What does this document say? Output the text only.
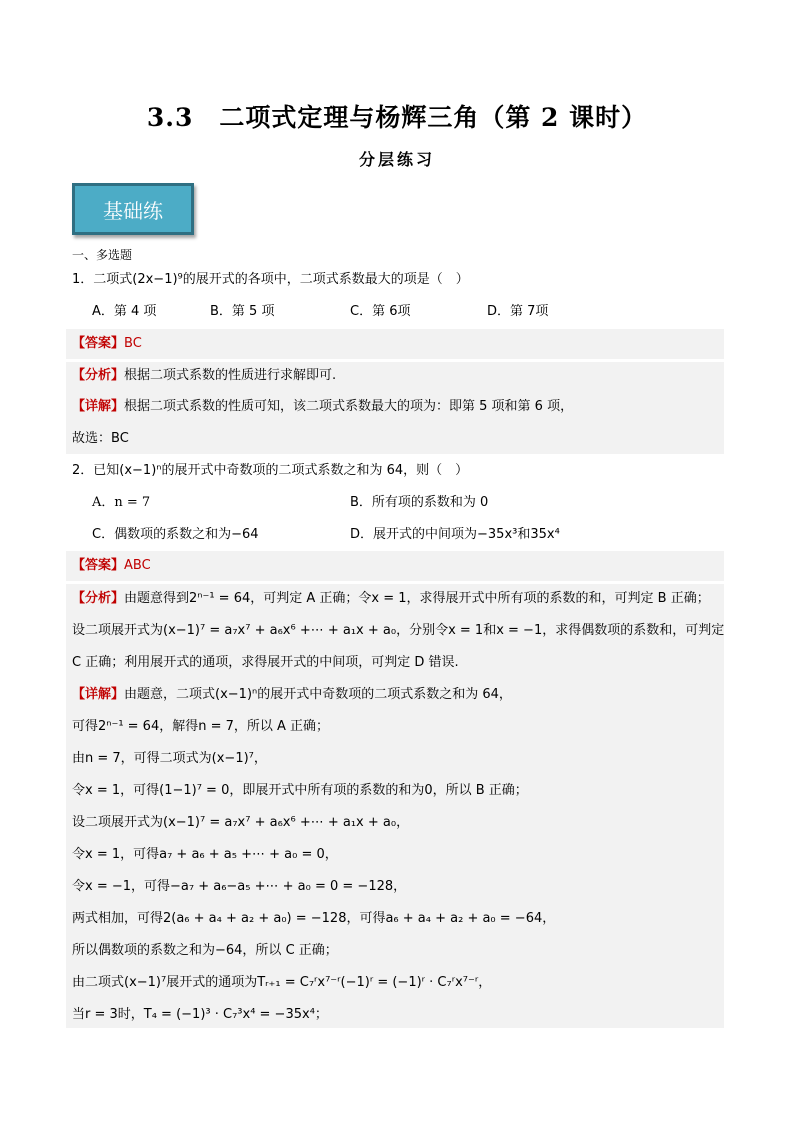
3.3　二项式定理与杨辉三角（第 2 课时）
分层练习
基础练
一、多选题
1．二项式(2x−1)⁹的展开式的各项中，二项式系数最大的项是（　）
A．第 4 项	B．第 5 项	C．第 6项	D．第 7项
【答案】BC
【分析】根据二项式系数的性质进行求解即可.
【详解】根据二项式系数的性质可知，该二项式系数最大的项为：即第 5 项和第 6 项，
故选：BC
2．已知(x−1)ⁿ的展开式中奇数项的二项式系数之和为 64，则（　）
A．n = 7	B．所有项的系数和为 0
C．偶数项的系数之和为−64	D．展开式的中间项为−35x³和35x⁴
【答案】ABC
【分析】由题意得到2ⁿ⁻¹ = 64，可判定 A 正确；令x = 1，求得展开式中所有项的系数的和，可判定 B 正确；
设二项展开式为(x−1)⁷ = a₇x⁷ + a₆x⁶ +⋯ + a₁x + a₀，分别令x = 1和x = −1，求得偶数项的系数和，可判定
C 正确；利用展开式的通项，求得展开式的中间项，可判定 D 错误.
【详解】由题意，二项式(x−1)ⁿ的展开式中奇数项的二项式系数之和为 64，
可得2ⁿ⁻¹ = 64，解得n = 7，所以 A 正确；
由n = 7，可得二项式为(x−1)⁷，
令x = 1，可得(1−1)⁷ = 0，即展开式中所有项的系数的和为0，所以 B 正确；
设二项展开式为(x−1)⁷ = a₇x⁷ + a₆x⁶ +⋯ + a₁x + a₀，
令x = 1，可得a₇ + a₆ + a₅ +⋯ + a₀ = 0，
令x = −1，可得−a₇ + a₆−a₅ +⋯ + a₀ = 0 = −128，
两式相加，可得2(a₆ + a₄ + a₂ + a₀) = −128，可得a₆ + a₄ + a₂ + a₀ = −64，
所以偶数项的系数之和为−64，所以 C 正确；
由二项式(x−1)⁷展开式的通项为Tᵣ₊₁ = C₇ʳx⁷⁻ʳ(−1)ʳ = (−1)ʳ · C₇ʳx⁷⁻ʳ，
当r = 3时，T₄ = (−1)³ · C₇³x⁴ = −35x⁴；
